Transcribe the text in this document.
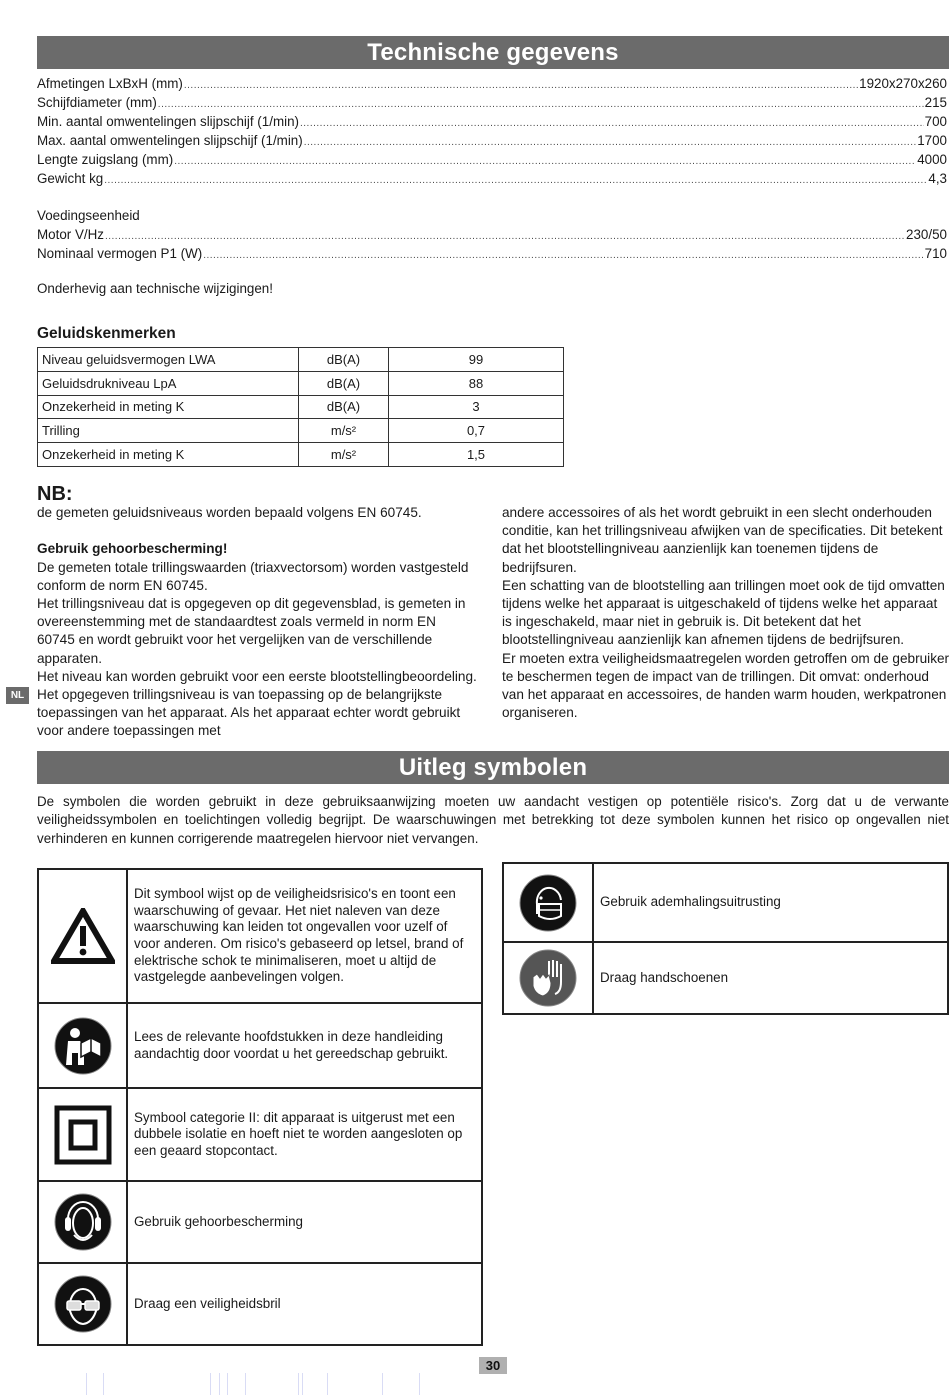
Technische gegevens
Afmetingen LxBxH (mm) .....	1920x270x260
Schijfdiameter (mm) .....	215
Min. aantal omwentelingen slijpschijf (1/min) .....	700
Max. aantal omwentelingen slijpschijf (1/min) .....	1700
Lengte zuigslang (mm) .....	4000
Gewicht kg .....	4,3
Voedingseenheid
Motor V/Hz .....	230/50
Nominaal vermogen P1 (W) .....	710
Onderhevig aan technische wijzigingen!
Geluidskenmerken
Niveau geluidsvermogen LWA	dB(A)	99
Geluidsdrukniveau LpA	dB(A)	88
Onzekerheid in meting K	dB(A)	3
Trilling	m/s²	0,7
Onzekerheid in meting K	m/s²	1,5
NB:

de gemeten geluidsniveaus worden bepaald volgens EN 60745.

Gebruik gehoorbescherming!

De gemeten totale trillingswaarden (triaxvectorsom) worden vastgesteld conform de norm EN 60745.

Het trillingsniveau dat is opgegeven op dit gegevensblad, is gemeten in overeenstemming met de standaardtest zoals vermeld in norm EN 60745 en wordt gebruikt voor het vergelijken van de verschillende apparaten.

Het niveau kan worden gebruikt voor een eerste blootstellingbeoordeling. Het opgegeven trillingsniveau is van toepassing op de belangrijkste toepassingen van het apparaat. Als het apparaat echter wordt gebruikt voor andere toepassingen met

andere accessoires of als het wordt gebruikt in een slecht onderhouden conditie, kan het trillingsniveau afwijken van de specificaties. Dit betekent dat het blootstellingniveau aanzienlijk kan toenemen tijdens de bedrijfsuren.

Een schatting van de blootstelling aan trillingen moet ook de tijd omvatten tijdens welke het apparaat is uitgeschakeld of tijdens welke het apparaat is ingeschakeld, maar niet in gebruik is. Dit betekent dat het blootstellingniveau aanzienlijk kan afnemen tijdens de bedrijfsuren.

Er moeten extra veiligheidsmaatregelen worden getroffen om de gebruiker te beschermen tegen de impact van de trillingen. Dit omvat: onderhoud van het apparaat en accessoires, de handen warm houden, werkpatronen organiseren.

NL
Uitleg symbolen
De symbolen die worden gebruikt in deze gebruiksaanwijzing moeten uw aandacht vestigen op potentiële risico's. Zorg dat u de verwante veiligheidssymbolen en toelichtingen volledig begrijpt. De waarschuwingen met betrekking tot deze symbolen kunnen het risico op ongevallen niet verhinderen en kunnen corrigerende maatregelen hiervoor niet vervangen.
	Dit symbool wijst op de veiligheidsrisico's en toont een waarschuwing of gevaar. Het niet naleven van deze waarschuwing kan leiden tot ongevallen voor uzelf of voor anderen. Om risico's gebaseerd op letsel, brand of elektrische schok te minimaliseren, moet u altijd de vastgelegde aanbevelingen volgen.

	Lees de relevante hoofdstukken in deze handleiding aandachtig door voordat u het gereedschap gebruikt.

	Symbool categorie II: dit apparaat is uitgerust met een dubbele isolatie en hoeft niet te worden aangesloten op een geaard stopcontact.

	Gebruik gehoorbescherming

	Draag een veiligheidsbril
	Gebruik ademhalingsuitrusting

	Draag handschoenen
30
